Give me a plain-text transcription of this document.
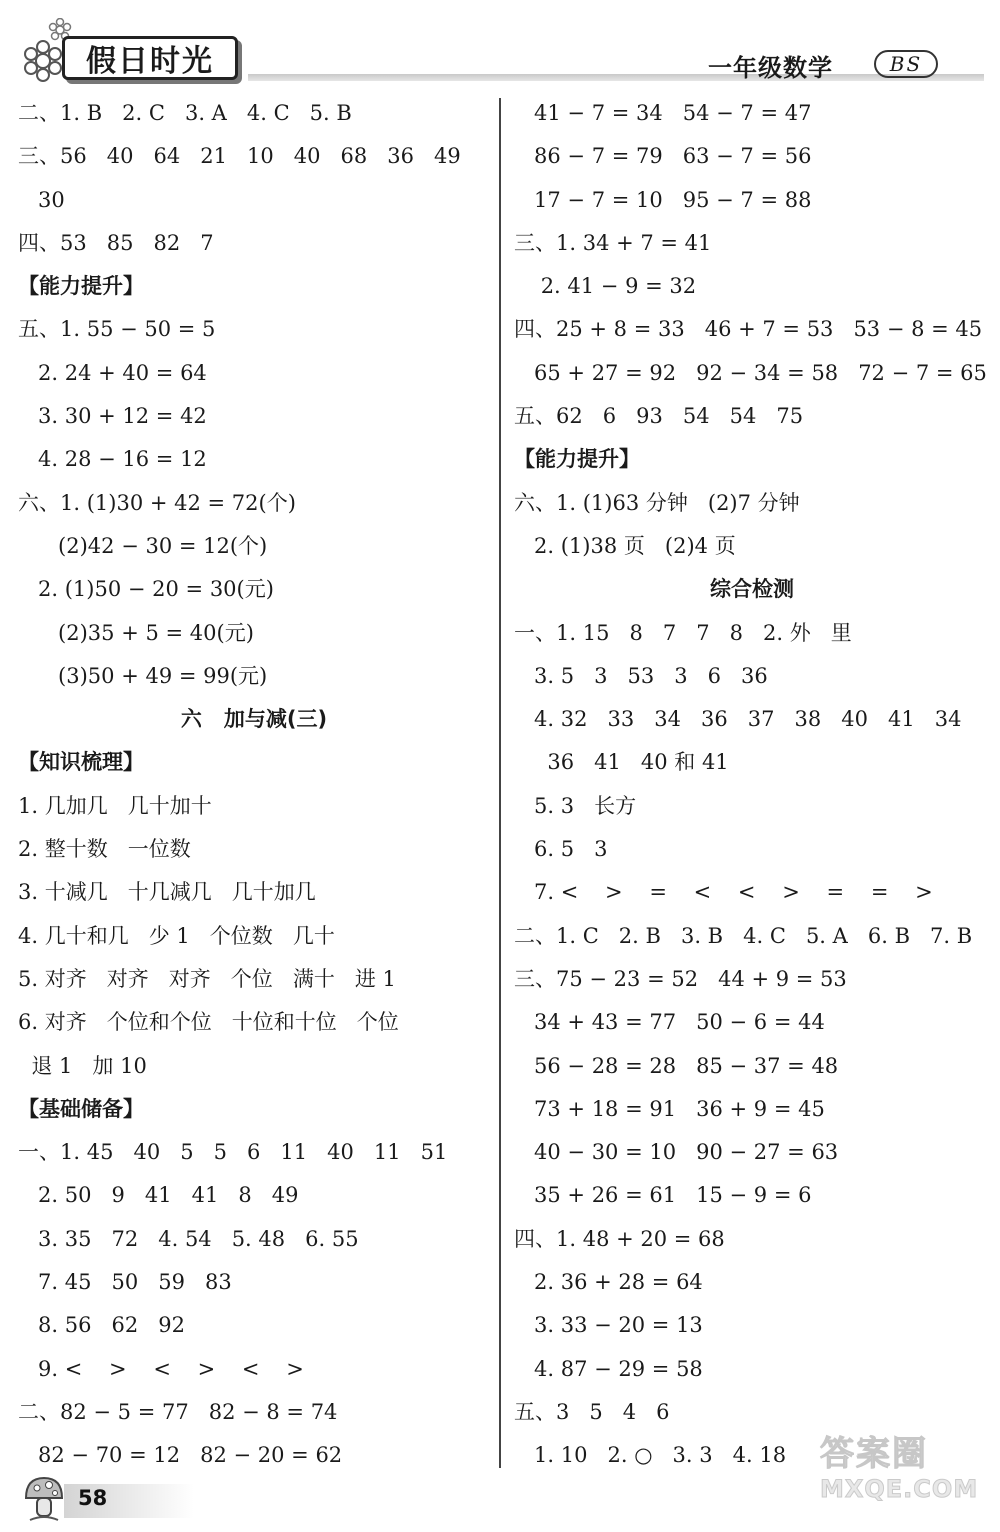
假日时光	一年级数学	BS
二、1. B   2. C   3. A   4. C   5. B
三、56   40   64   21   10   40   68   36   49
30
四、53   85   82   7
【能力提升】
五、1. 55 − 50 = 5
2. 24 + 40 = 64
3. 30 + 12 = 42
4. 28 − 16 = 12
六、1. (1)30 + 42 = 72(个)
(2)42 − 30 = 12(个)
2. (1)50 − 20 = 30(元)
(2)35 + 5 = 40(元)
(3)50 + 49 = 99(元)
六   加与减(三)
【知识梳理】
1. 几加几   几十加十
2. 整十数   一位数
3. 十减几   十几减几   几十加几
4. 几十和几   少 1   个位数   几十
5. 对齐   对齐   对齐   个位   满十   进 1
6. 对齐   个位和个位   十位和十位   个位
退 1   加 10
【基础储备】
一、1. 45   40   5   5   6   11   40   11   51
2. 50   9   41   41   8   49
3. 35   72   4. 54   5. 48   6. 55
7. 45   50   59   83
8. 56   62   92
9. <    >    <    >    <    >
二、82 − 5 = 77   82 − 8 = 74
82 − 70 = 12   82 − 20 = 62
41 − 7 = 34   54 − 7 = 47
86 − 7 = 79   63 − 7 = 56
17 − 7 = 10   95 − 7 = 88
三、1. 34 + 7 = 41
2. 41 − 9 = 32
四、25 + 8 = 33   46 + 7 = 53   53 − 8 = 45
65 + 27 = 92   92 − 34 = 58   72 − 7 = 65
五、62   6   93   54   54   75
【能力提升】
六、1. (1)63 分钟   (2)7 分钟
2. (1)38 页   (2)4 页
综合检测
一、1. 15   8   7   7   8   2. 外   里
3. 5   3   53   3   6   36
4. 32   33   34   36   37   38   40   41   34
36   41   40 和 41
5. 3   长方
6. 5   3
7. <    >    =    <    <    >    =    =    >
二、1. C   2. B   3. B   4. C   5. A   6. B   7. B
三、75 − 23 = 52   44 + 9 = 53
34 + 43 = 77   50 − 6 = 44
56 − 28 = 28   85 − 37 = 48
73 + 18 = 91   36 + 9 = 45
40 − 30 = 10   90 − 27 = 63
35 + 26 = 61   15 − 9 = 6
四、1. 48 + 20 = 68
2. 36 + 28 = 64
3. 33 − 20 = 13
4. 87 − 29 = 58
五、3   5   4   6
1. 10   2. ○   3. 3   4. 18
58
答案圈
MXQE.COM
